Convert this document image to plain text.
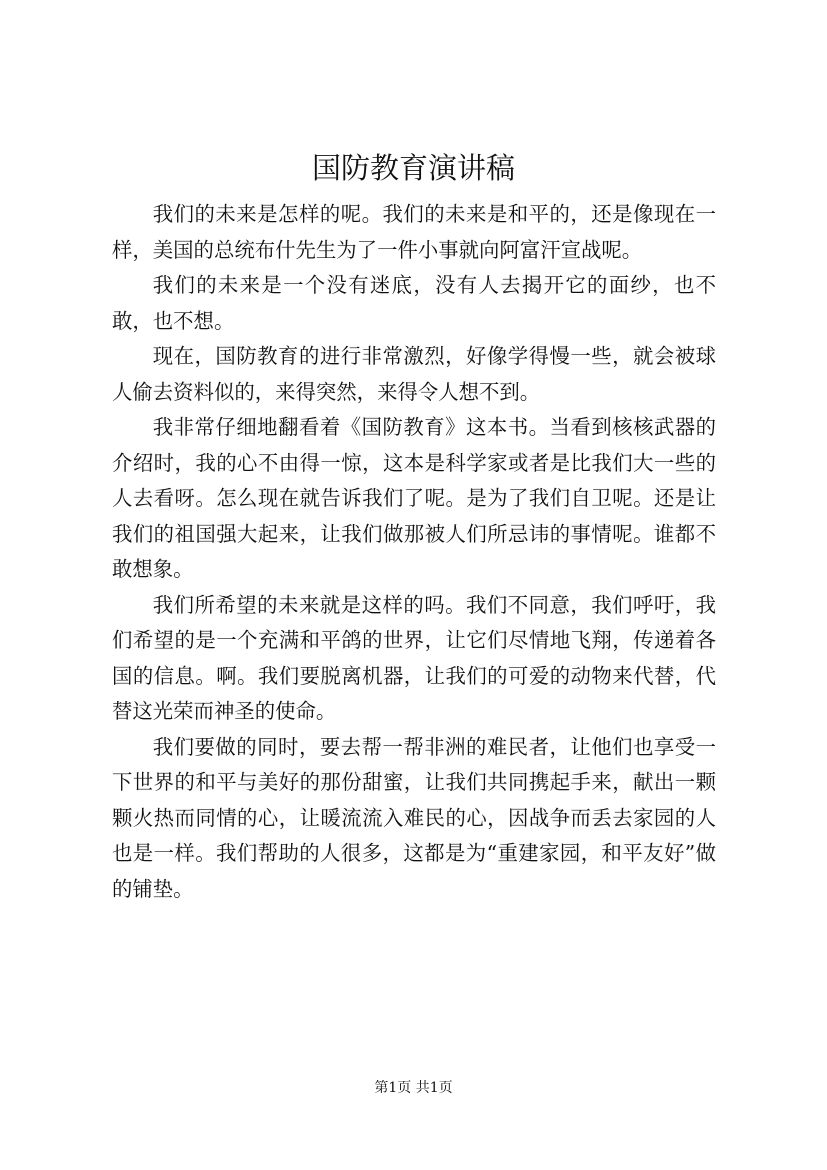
国防教育演讲稿

我们的未来是怎样的呢。我们的未来是和平的，还是像现在一样，美国的总统布什先生为了一件小事就向阿富汗宣战呢。

我们的未来是一个没有迷底，没有人去揭开它的面纱，也不敢，也不想。

现在，国防教育的进行非常激烈，好像学得慢一些，就会被球人偷去资料似的，来得突然，来得令人想不到。

我非常仔细地翻看着《国防教育》这本书。当看到核核武器的介绍时，我的心不由得一惊，这本是科学家或者是比我们大一些的人去看呀。怎么现在就告诉我们了呢。是为了我们自卫呢。还是让我们的祖国强大起来，让我们做那被人们所忌讳的事情呢。谁都不敢想象。

我们所希望的未来就是这样的吗。我们不同意，我们呼吁，我们希望的是一个充满和平鸽的世界，让它们尽情地飞翔，传递着各国的信息。啊。我们要脱离机器，让我们的可爱的动物来代替，代替这光荣而神圣的使命。

我们要做的同时，要去帮一帮非洲的难民者，让他们也享受一下世界的和平与美好的那份甜蜜，让我们共同携起手来，献出一颗颗火热而同情的心，让暖流流入难民的心，因战争而丢去家园的人也是一样。我们帮助的人很多，这都是为“重建家园，和平友好”做的铺垫。

第1页 共1页
